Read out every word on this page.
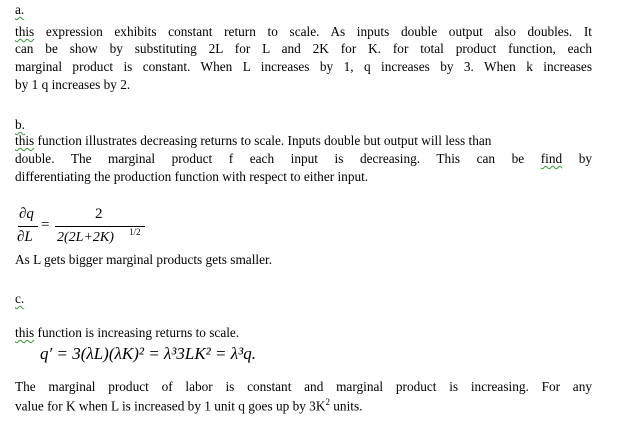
a.
this expression exhibits constant return to scale. As inputs double output also doubles. It
can be show by substituting 2L for L and 2K for K. for total product function, each
marginal product is constant. When L increases by 1, q increases by 3. When k increases
by 1 q increases by 2.
b.
this function illustrates decreasing returns to scale. Inputs double but output will less than
double. The marginal product f each input is decreasing. This can be find by
differentiating the production function with respect to either input.
∂q
∂L
=
2
2(2L+2K) 1/2
As L gets bigger marginal products gets smaller.
c.
this function is increasing returns to scale.
q′ = 3(λL)(λK)² = λ³3LK² = λ³q.
The marginal product of labor is constant and marginal product is increasing. For any
value for K when L is increased by 1 unit q goes up by $3K^2$ units.
